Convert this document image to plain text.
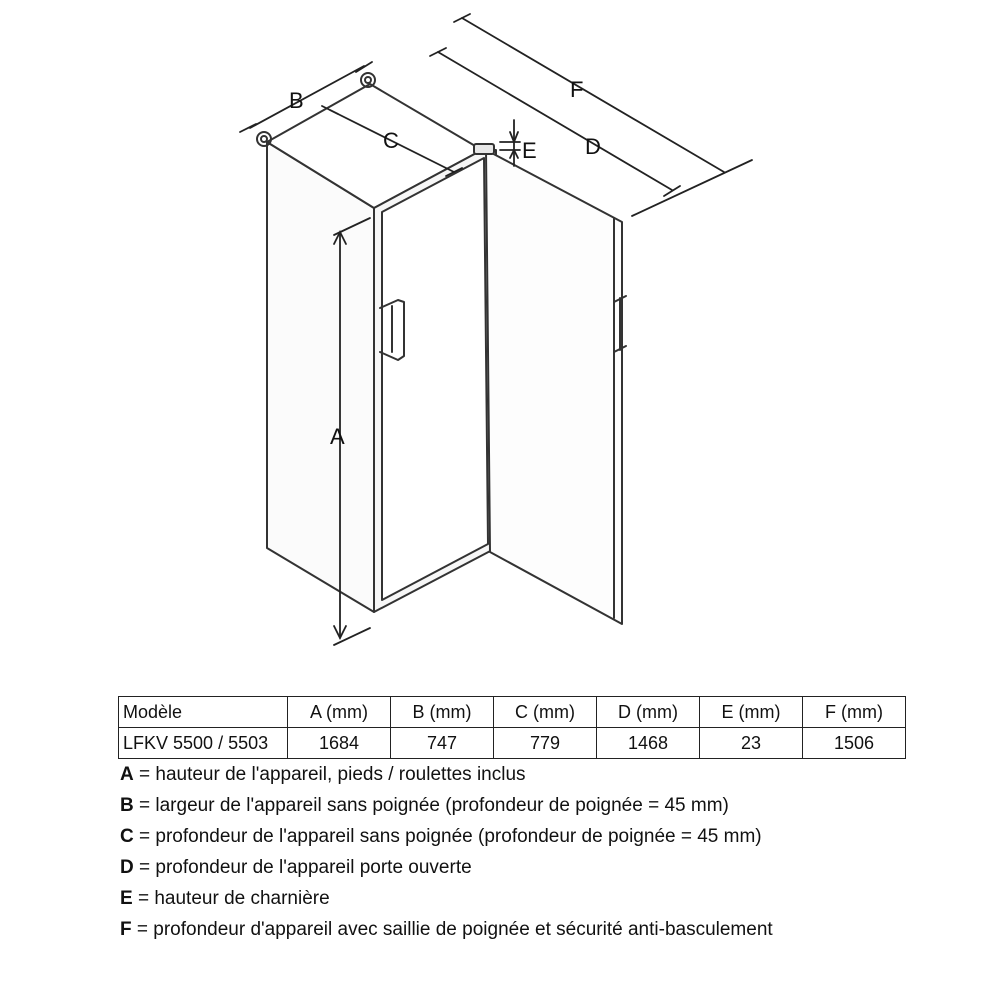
A
B
C	D
E
F
Modèle	A (mm)	B (mm)	C (mm)	D (mm)	E (mm)	F (mm)
LFKV 5500 / 5503	1684	747	779	1468	23	1506
A = hauteur de l'appareil, pieds / roulettes inclus
B = largeur de l'appareil sans poignée (profondeur de poignée = 45 mm)
C = profondeur de l'appareil sans poignée (profondeur de poignée = 45 mm)
D = profondeur de l'appareil porte ouverte
E = hauteur de charnière
F = profondeur d'appareil avec saillie de poignée et sécurité anti-basculement
